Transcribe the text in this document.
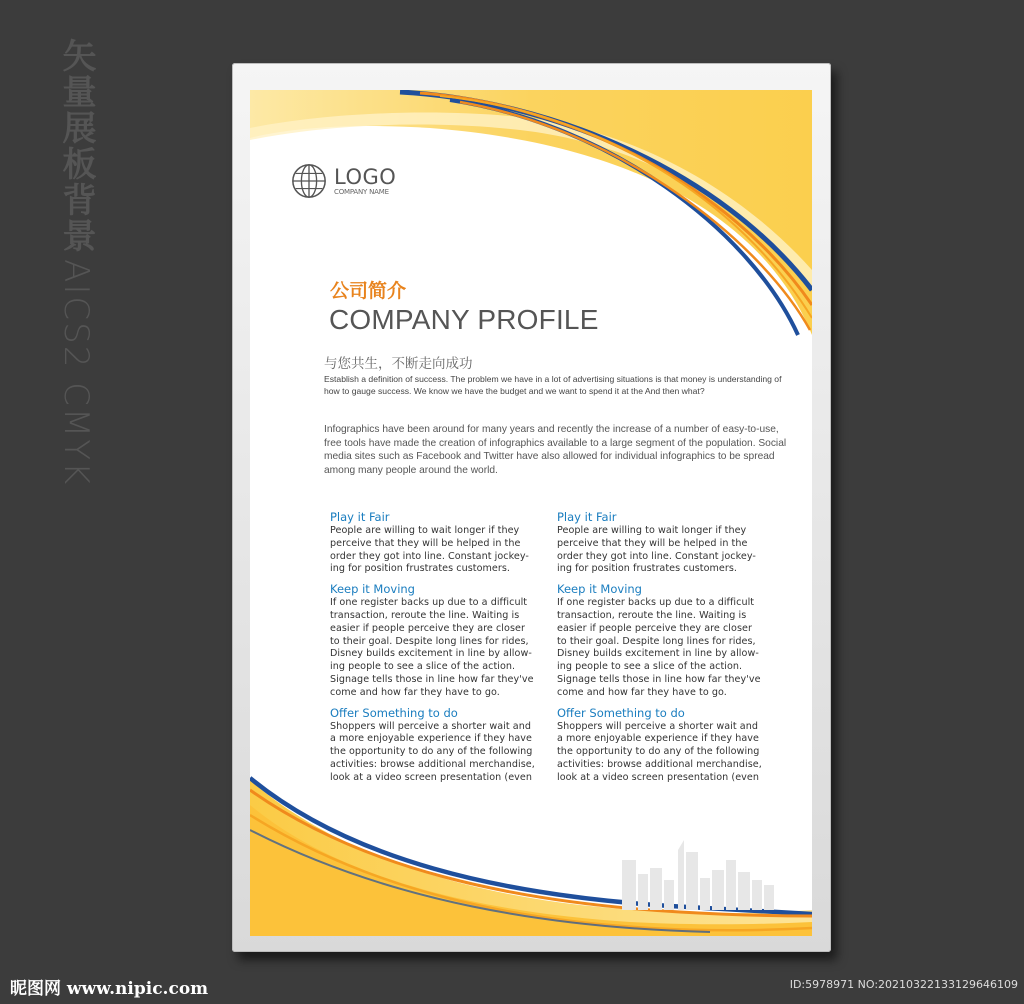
矢量展板背景 AICS2 CMYK
LOGO
COMPANY NAME
公司简介
COMPANY PROFILE
与您共生，不断走向成功
Establish a definition of success. The problem we have in a lot of advertising situations is that money is understanding of how to gauge success. We know we have the budget and we want to spend it at the And then what?
Infographics have been around for many years and recently the increase of a number of easy-to-use, free tools have made the creation of infographics available to a large segment of the population. Social media sites such as Facebook and Twitter have also allowed for individual infographics to be spread among many people around the world.
Play it Fair
People are willing to wait longer if they
perceive that they will be helped in the
order they got into line. Constant jockey-
ing for position frustrates customers.
Keep it Moving
If one register backs up due to a difficult
transaction, reroute the line. Waiting is
easier if people perceive they are closer
to their goal. Despite long lines for rides,
Disney builds excitement in line by allow-
ing people to see a slice of the action.
Signage tells those in line how far they've
come and how far they have to go.
Offer Something to do
Shoppers will perceive a shorter wait and
a more enjoyable experience if they have
the opportunity to do any of the following
activities: browse additional merchandise,
look at a video screen presentation (even
Play it Fair
People are willing to wait longer if they
perceive that they will be helped in the
order they got into line. Constant jockey-
ing for position frustrates customers.
Keep it Moving
If one register backs up due to a difficult
transaction, reroute the line. Waiting is
easier if people perceive they are closer
to their goal. Despite long lines for rides,
Disney builds excitement in line by allow-
ing people to see a slice of the action.
Signage tells those in line how far they've
come and how far they have to go.
Offer Something to do
Shoppers will perceive a shorter wait and
a more enjoyable experience if they have
the opportunity to do any of the following
activities: browse additional merchandise,
look at a video screen presentation (even
昵图网 www.nipic.com	ID:5978971 NO:20210322133129646109
